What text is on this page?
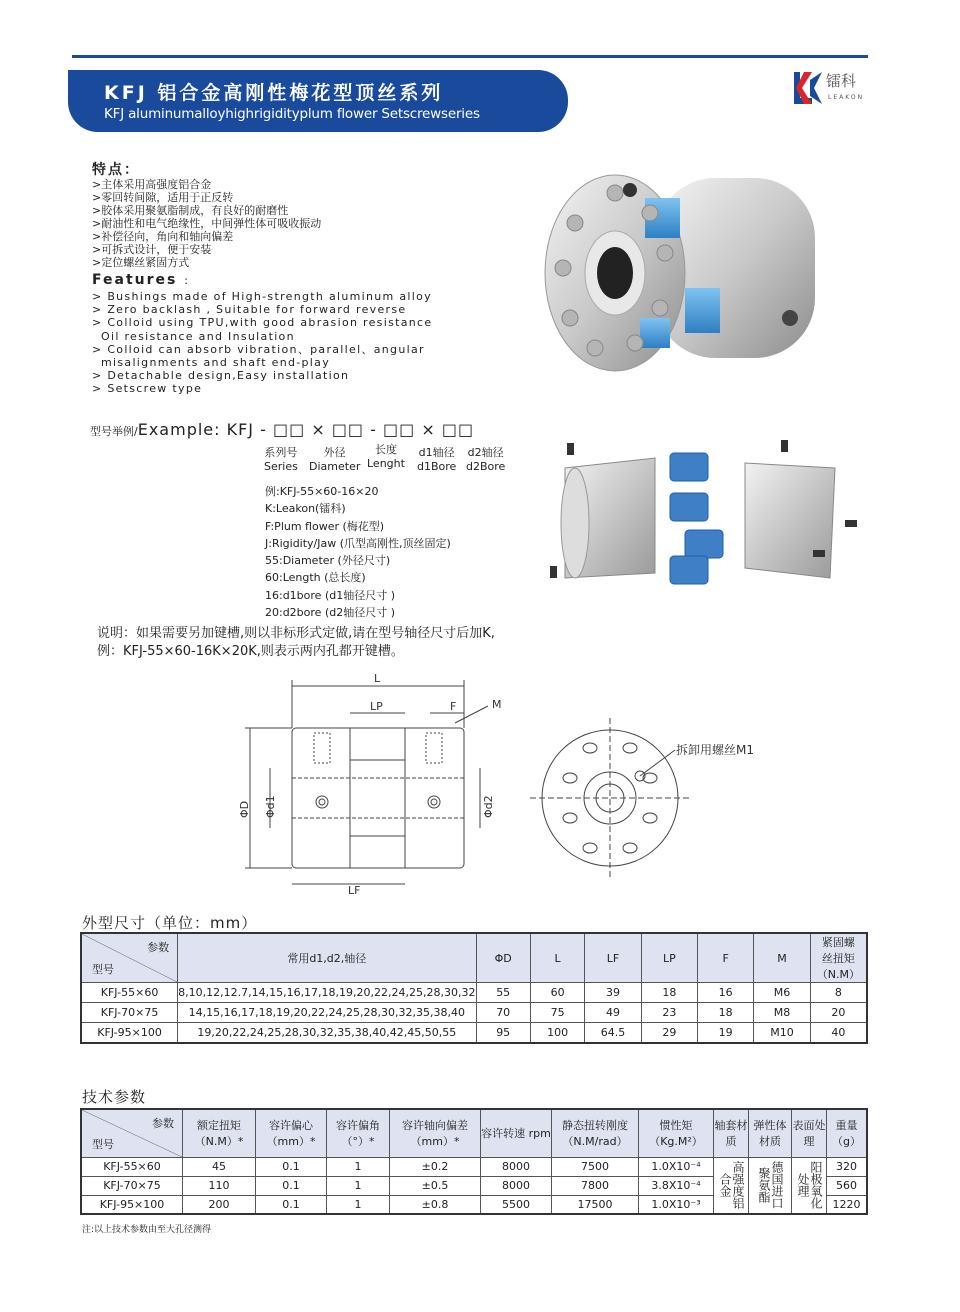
KFJ 铝合金高刚性梅花型顶丝系列
KFJ aluminumalloyhighrigidityplum flower Setscrewseries
镭科
LEAKON
特点：
>主体采用高强度铝合金
>零回转间隙，适用于正反转
>胶体采用聚氨脂制成，有良好的耐磨性
>耐油性和电气绝缘性，中间弹性体可吸收振动
>补偿径向，角向和轴向偏差
>可拆式设计，便于安装
>定位螺丝紧固方式
Features :
> Bushings made of High-strength aluminum alloy
> Zero backlash , Suitable for forward reverse
> Colloid using TPU,with good abrasion resistance
Oil resistance and Insulation
> Colloid can absorb vibration、parallel、angular
misalignments and shaft end-play
> Detachable design,Easy installation
> Setscrew type
型号举例/Example: KFJ - □□ × □□ - □□ × □□
系列号
Series
外径
Diameter
长度
Lenght
d1轴径
d1Bore
d2轴径
d2Bore
例:KFJ-55×60-16×20
K:Leakon(镭科)
F:Plum flower (梅花型)
J:Rigidity/Jaw (爪型高刚性,顶丝固定)
55:Diameter (外径尺寸)
60:Length (总长度)
16:d1bore (d1轴径尺寸 )
20:d2bore (d2轴径尺寸 )
说明：如果需要另加键槽,则以非标形式定做,请在型号轴径尺寸后加K,
例：KFJ-55×60-16K×20K,则表示两内孔都开键槽。
L
LP	F	M
LF
ΦD Φd1	Φd2
拆卸用螺丝M1
外型尺寸（单位：mm）
参数
型号	常用d1,d2,轴径	ΦD	L	LF	LP	F	M	紧固螺丝扭矩（N.M）
KFJ-55×60	8,10,12,12.7,14,15,16,17,18,19,20,22,24,25,28,30,32	55	60	39	18	16	M6	8
KFJ-70×75	14,15,16,17,18,19,20,22,24,25,28,30,32,35,38,40	70	75	49	23	18	M8	20
KFJ-95×100	19,20,22,24,25,28,30,32,35,38,40,42,45,50,55	95	100	64.5	29	19	M10	40
技术参数
参数
型号	额定扭矩（N.M）*	容许偏心（mm）*	容许偏角（°）*	容许轴向偏差（mm）*	容许转速 rpm	静态扭转刚度（N.M/rad）	惯性矩（Kg.M²）	轴套材质	弹性体材质	表面处理	重量（g）
KFJ-55×60	45	0.1	1	±0.2	8000	7500	1.0X10⁻⁴	高强度铝合金	德国进口聚氨酯	阳极氧化处理	320
KFJ-70×75	110	0.1	1	±0.5	8000	7800	3.8X10⁻⁴				560
KFJ-95×100	200	0.1	1	±0.8	5500	17500	1.0X10⁻³				1220
注:以上技术参数由至大孔径测得
